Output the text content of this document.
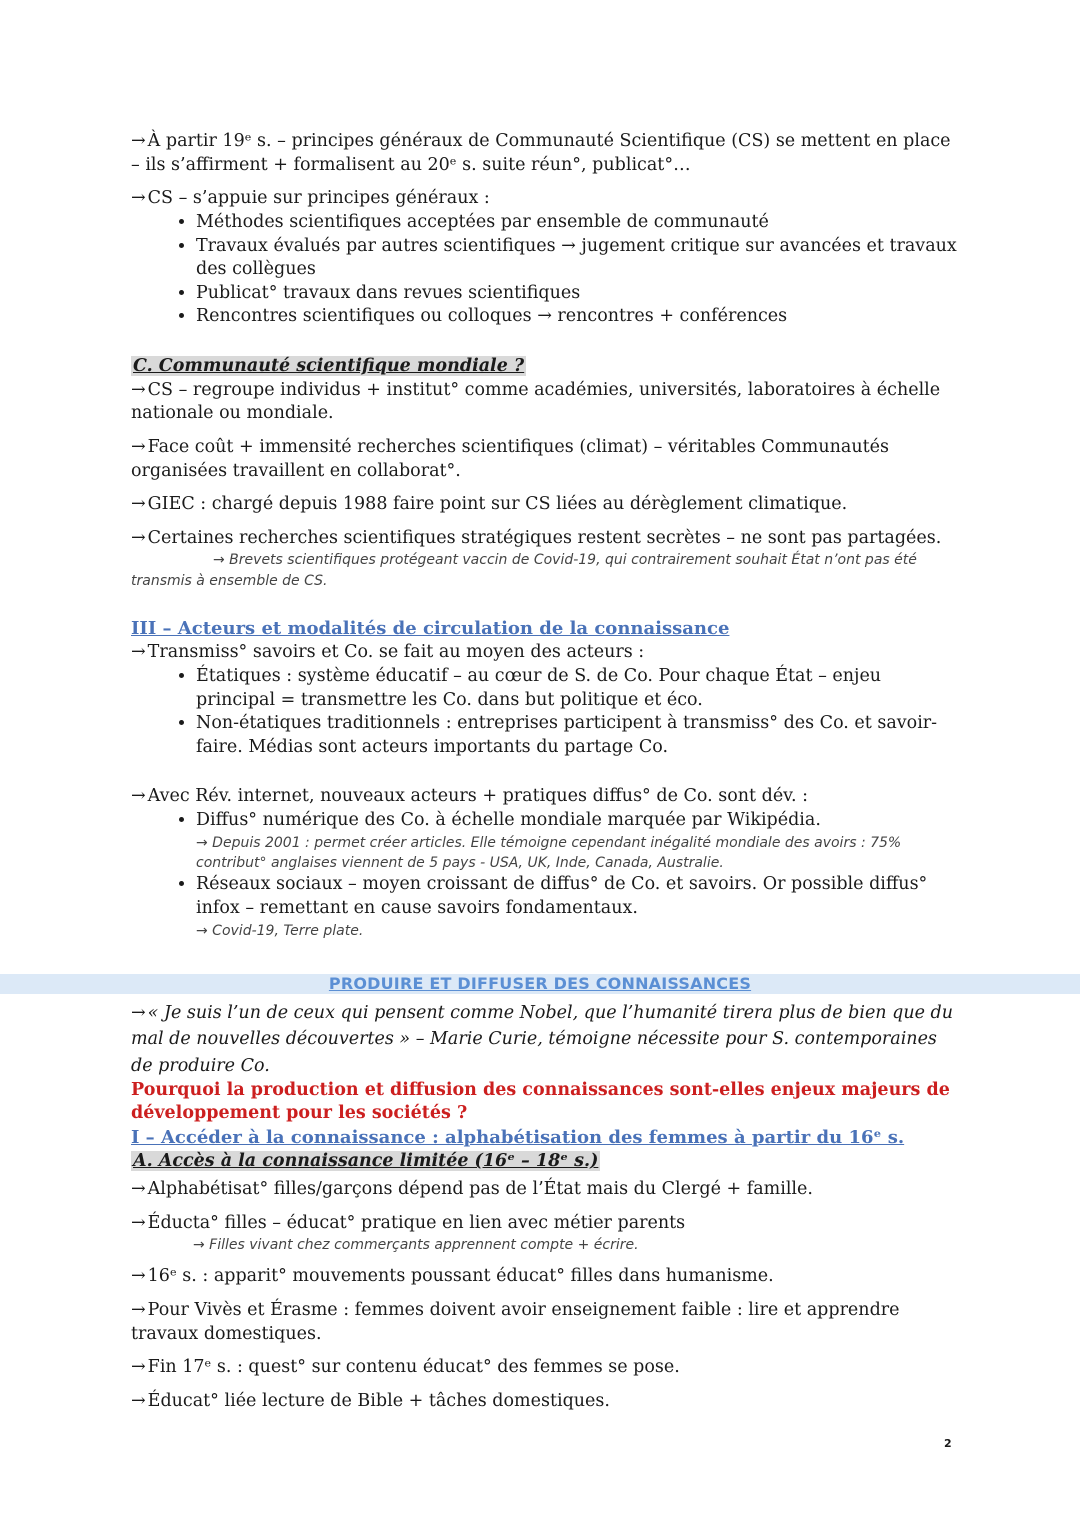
→ À partir 19ᵉ s. – principes généraux de Communauté Scientifique (CS) se mettent en place – ils s’affirment + formalisent au 20ᵉ s. suite réun°, publicat°…

→ CS – s’appuie sur principes généraux :

• Méthodes scientifiques acceptées par ensemble de communauté
• Travaux évalués par autres scientifiques → jugement critique sur avancées et travaux des collègues
• Publicat° travaux dans revues scientifiques
• Rencontres scientifiques ou colloques → rencontres + conférences

C. Communauté scientifique mondiale ?

→ CS – regroupe individus + institut° comme académies, universités, laboratoires à échelle nationale ou mondiale.

→ Face coût + immensité recherches scientifiques (climat) – véritables Communautés organisées travaillent en collaborat°.

→ GIEC : chargé depuis 1988 faire point sur CS liées au dérèglement climatique.

→ Certaines recherches scientifiques stratégiques restent secrètes – ne sont pas partagées.

→ Brevets scientifiques protégeant vaccin de Covid-19, qui contrairement souhait État n’ont pas été transmis à ensemble de CS.

III – Acteurs et modalités de circulation de la connaissance

→ Transmiss° savoirs et Co. se fait au moyen des acteurs :

• Étatiques : système éducatif – au cœur de S. de Co. Pour chaque État – enjeu principal = transmettre les Co. dans but politique et éco.
• Non-étatiques traditionnels : entreprises participent à transmiss° des Co. et savoir-faire. Médias sont acteurs importants du partage Co.

→ Avec Rév. internet, nouveaux acteurs + pratiques diffus° de Co. sont dév. :

• Diffus° numérique des Co. à échelle mondiale marquée par Wikipédia.
→ Depuis 2001 : permet créer articles. Elle témoigne cependant inégalité mondiale des avoirs : 75% contribut° anglaises viennent de 5 pays - USA, UK, Inde, Canada, Australie.
• Réseaux sociaux – moyen croissant de diffus° de Co. et savoirs. Or possible diffus° infox – remettant en cause savoirs fondamentaux.
→ Covid-19, Terre plate.
PRODUIRE ET DIFFUSER DES CONNAISSANCES

→ « Je suis l’un de ceux qui pensent comme Nobel, que l’humanité tirera plus de bien que du mal de nouvelles découvertes » – Marie Curie, témoigne nécessite pour S. contemporaines de produire Co.

Pourquoi la production et diffusion des connaissances sont-elles enjeux majeurs de développement pour les sociétés ?

I – Accéder à la connaissance : alphabétisation des femmes à partir du 16ᵉ s.

A. Accès à la connaissance limitée (16ᵉ – 18ᵉ s.)

→ Alphabétisat° filles/garçons dépend pas de l’État mais du Clergé + famille.

→ Éducta° filles – éducat° pratique en lien avec métier parents

→ Filles vivant chez commerçants apprennent compte + écrire.

→ 16ᵉ s. : apparit° mouvements poussant éducat° filles dans humanisme.

→ Pour Vivès et Érasme : femmes doivent avoir enseignement faible : lire et apprendre travaux domestiques.

→ Fin 17ᵉ s. : quest° sur contenu éducat° des femmes se pose.

→ Éducat° liée lecture de Bible + tâches domestiques.

2
